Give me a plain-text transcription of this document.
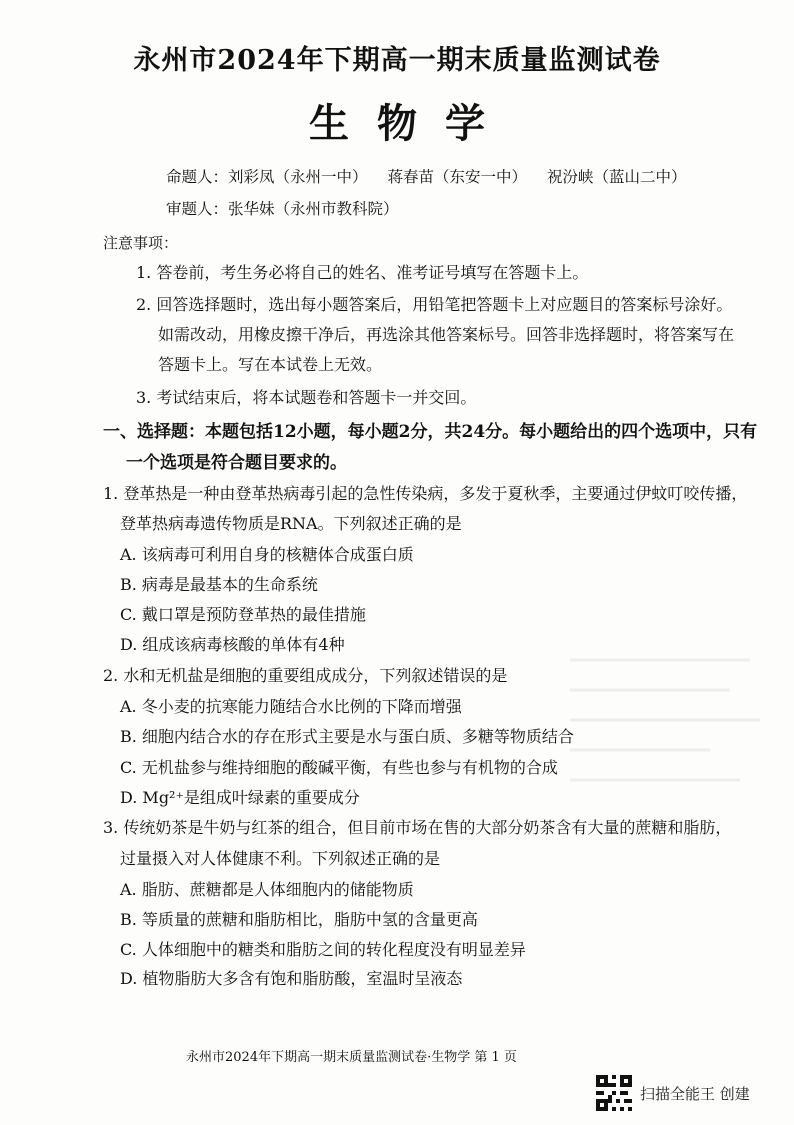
永州市2024年下期高一期末质量监测试卷
生物学
命题人：刘彩凤（永州一中） 蒋春苗（东安一中） 祝汾峡（蓝山二中）
审题人：张华妹（永州市教科院）
注意事项：
1. 答卷前，考生务必将自己的姓名、准考证号填写在答题卡上。
2. 回答选择题时，选出每小题答案后，用铅笔把答题卡上对应题目的答案标号涂好。
如需改动，用橡皮擦干净后，再选涂其他答案标号。回答非选择题时，将答案写在
答题卡上。写在本试卷上无效。
3. 考试结束后，将本试题卷和答题卡一并交回。
一、选择题：本题包括12小题，每小题2分，共24分。每小题给出的四个选项中，只有
一个选项是符合题目要求的。
1. 登革热是一种由登革热病毒引起的急性传染病，多发于夏秋季，主要通过伊蚊叮咬传播，
登革热病毒遗传物质是RNA。下列叙述正确的是
A. 该病毒可利用自身的核糖体合成蛋白质
B. 病毒是最基本的生命系统
C. 戴口罩是预防登革热的最佳措施
D. 组成该病毒核酸的单体有4种
2. 水和无机盐是细胞的重要组成成分，下列叙述错误的是
A. 冬小麦的抗寒能力随结合水比例的下降而增强
B. 细胞内结合水的存在形式主要是水与蛋白质、多糖等物质结合
C. 无机盐参与维持细胞的酸碱平衡，有些也参与有机物的合成
D. Mg²⁺是组成叶绿素的重要成分
3. 传统奶茶是牛奶与红茶的组合，但目前市场在售的大部分奶茶含有大量的蔗糖和脂肪，
过量摄入对人体健康不利。下列叙述正确的是
A. 脂肪、蔗糖都是人体细胞内的储能物质
B. 等质量的蔗糖和脂肪相比，脂肪中氢的含量更高
C. 人体细胞中的糖类和脂肪之间的转化程度没有明显差异
D. 植物脂肪大多含有饱和脂肪酸，室温时呈液态
永州市2024年下期高一期末质量监测试卷·生物学 第 1 页
扫描全能王 创建
